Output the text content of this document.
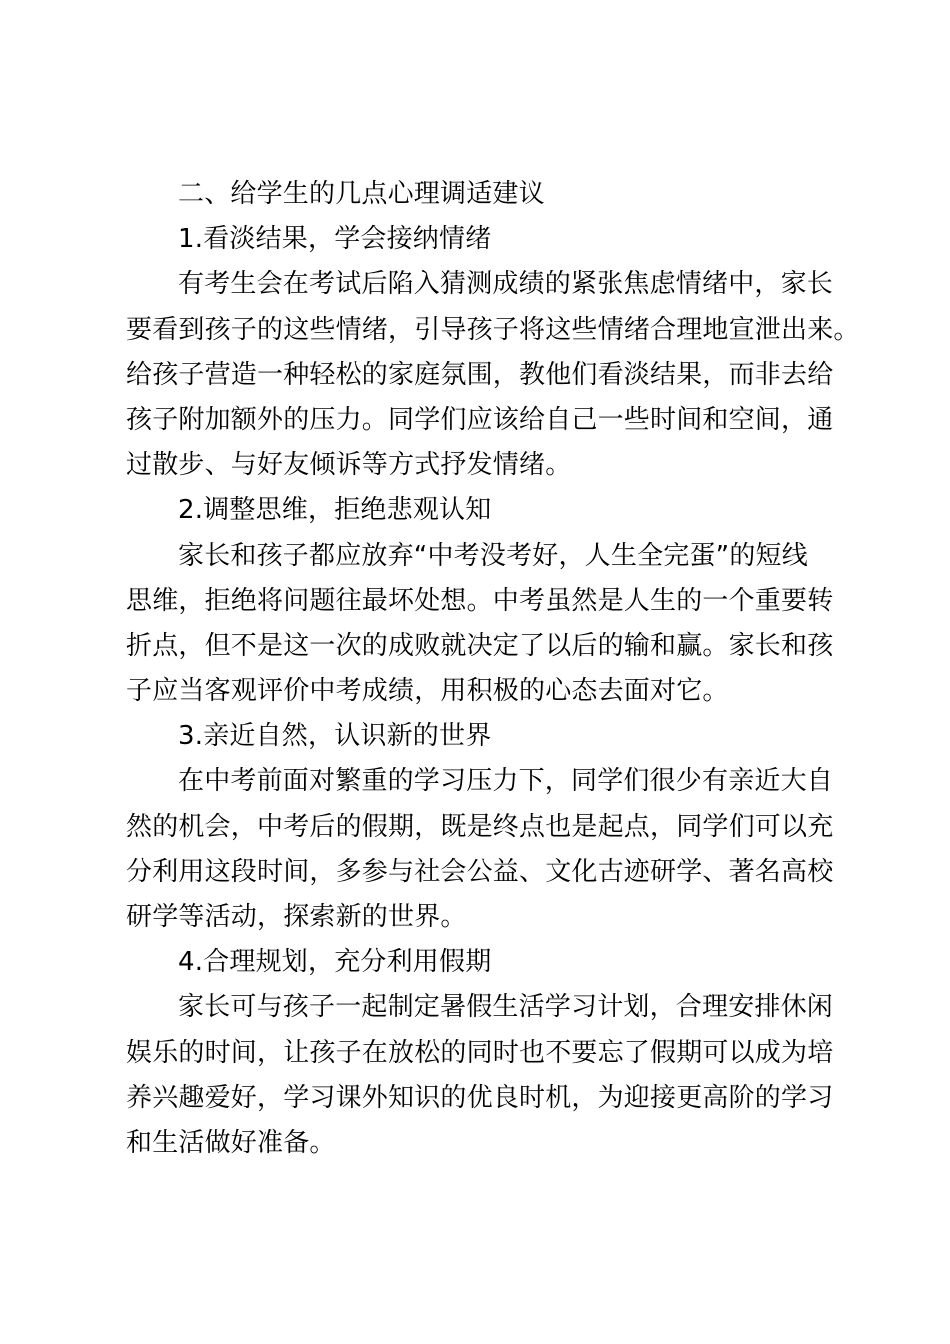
二、给学生的几点心理调适建议
1.看淡结果，学会接纳情绪
有考生会在考试后陷入猜测成绩的紧张焦虑情绪中，家长
要看到孩子的这些情绪，引导孩子将这些情绪合理地宣泄出来。
给孩子营造一种轻松的家庭氛围，教他们看淡结果，而非去给
孩子附加额外的压力。同学们应该给自己一些时间和空间，通
过散步、与好友倾诉等方式抒发情绪。
2.调整思维，拒绝悲观认知
家长和孩子都应放弃“中考没考好，人生全完蛋”的短线
思维，拒绝将问题往最坏处想。中考虽然是人生的一个重要转
折点，但不是这一次的成败就决定了以后的输和赢。家长和孩
子应当客观评价中考成绩，用积极的心态去面对它。
3.亲近自然，认识新的世界
在中考前面对繁重的学习压力下，同学们很少有亲近大自
然的机会，中考后的假期，既是终点也是起点，同学们可以充
分利用这段时间，多参与社会公益、文化古迹研学、著名高校
研学等活动，探索新的世界。
4.合理规划，充分利用假期
家长可与孩子一起制定暑假生活学习计划，合理安排休闲
娱乐的时间，让孩子在放松的同时也不要忘了假期可以成为培
养兴趣爱好，学习课外知识的优良时机，为迎接更高阶的学习
和生活做好准备。
